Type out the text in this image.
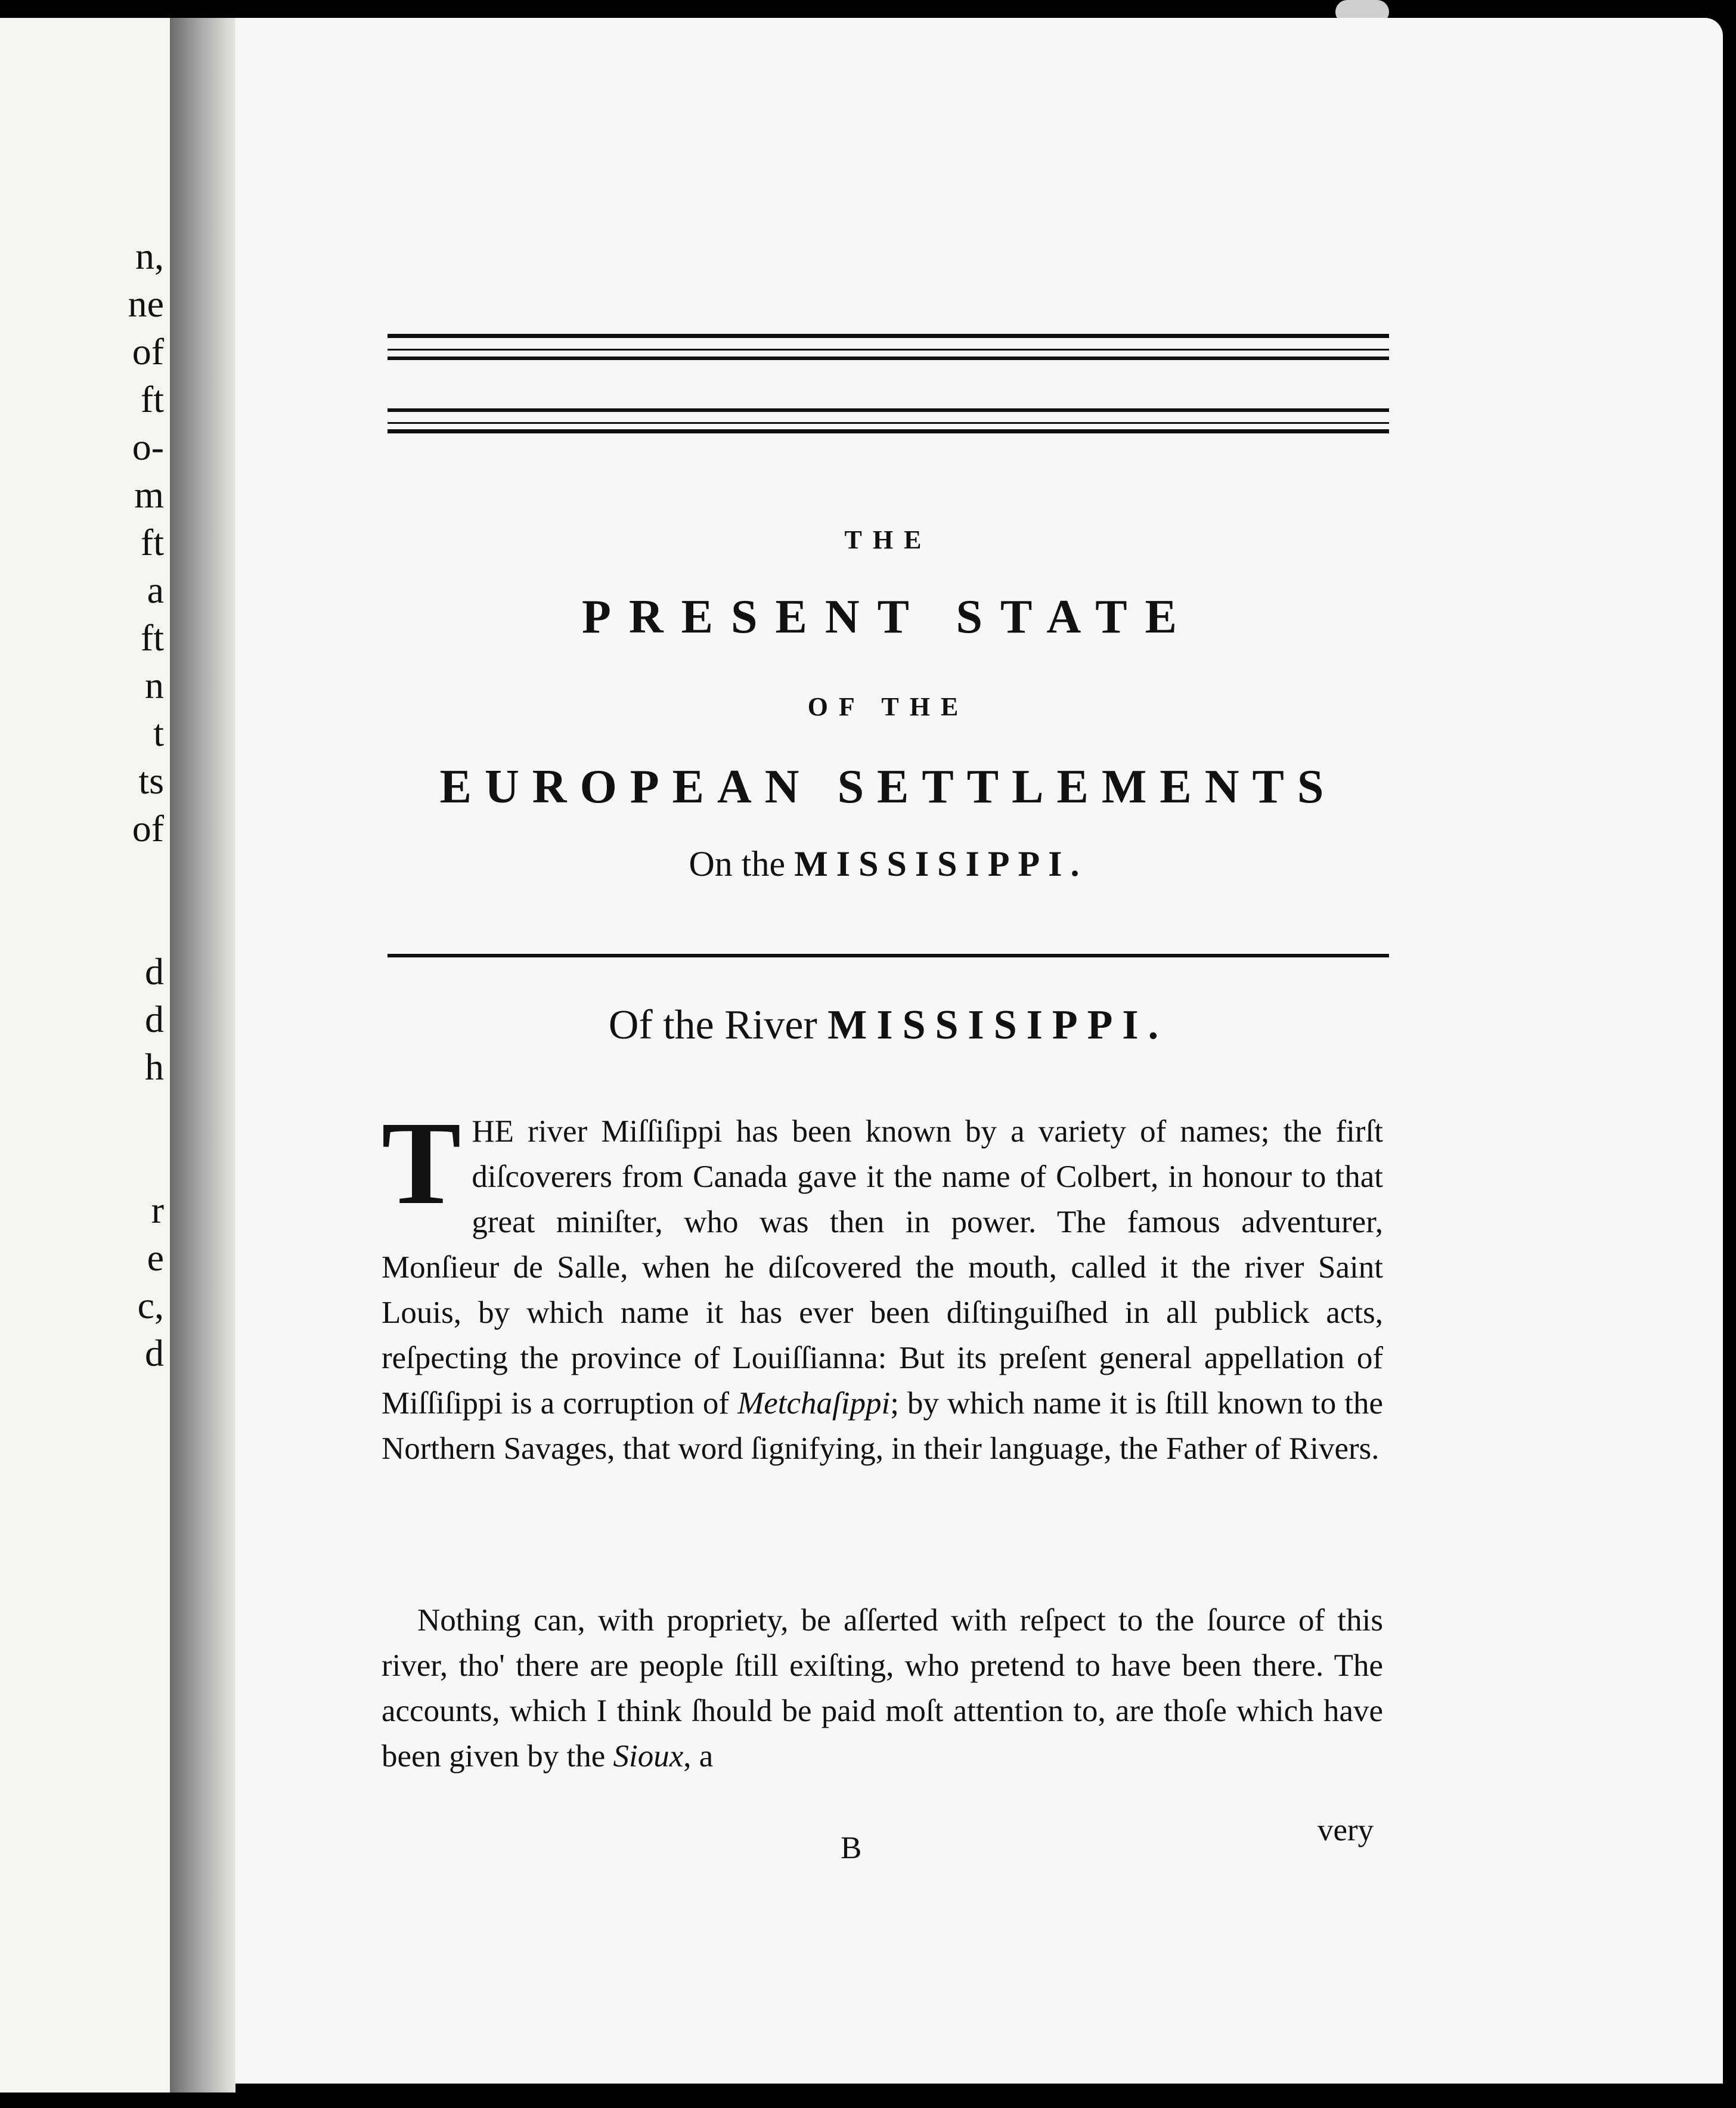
n,
ne
of
ft
o-
m
ft
a
ft
n
t
ts
of
d
d
h
r
e
c,
d
THE
PRESENT STATE
OF THE
EUROPEAN SETTLEMENTS
On the MISSISIPPI.
Of the River MISSISIPPI.
THE river Miſſiſippi has been known by a variety of names; the firſt diſcoverers from Canada gave it the name of Colbert, in honour to that great miniſter, who was then in power. The famous adventurer, Monſieur de Salle, when he diſcovered the mouth, called it the river Saint Louis, by which name it has ever been diſtinguiſhed in all publick acts, reſpecting the province of Louiſſianna: But its preſent general appellation of Miſſiſippi is a corruption of Metchaſippi; by which name it is ſtill known to the Northern Savages, that word ſignifying, in their language, the Father of Rivers.
Nothing can, with propriety, be aſſerted with reſpect to the ſource of this river, tho' there are people ſtill exiſting, who pretend to have been there. The accounts, which I think ſhould be paid moſt attention to, are thoſe which have been given by the Sioux, a
B
very
